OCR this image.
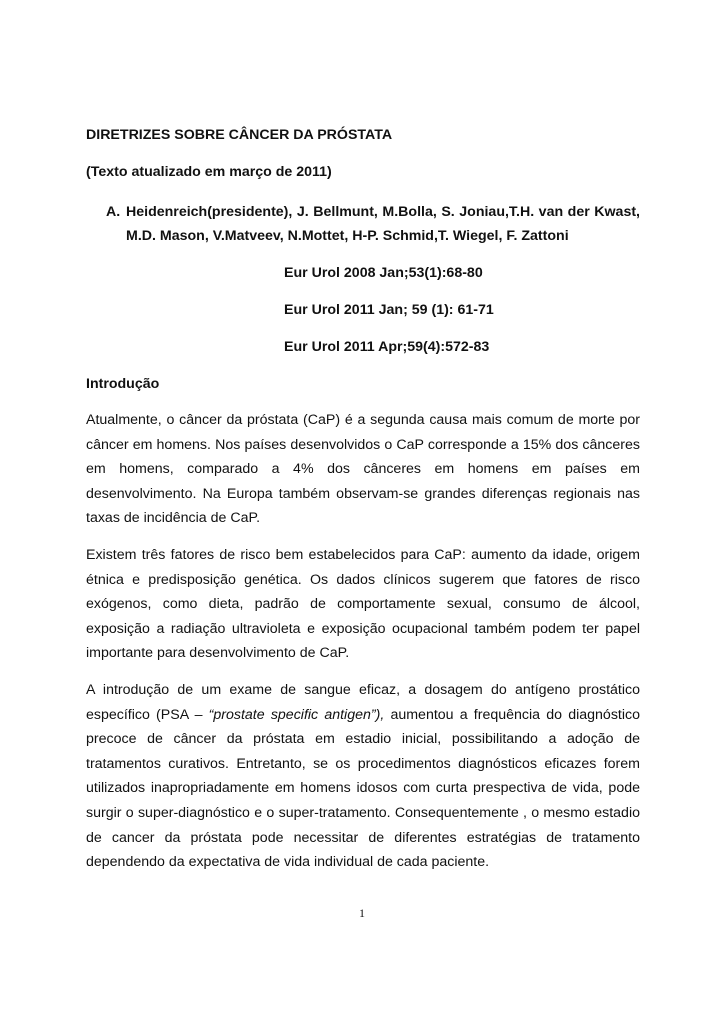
DIRETRIZES SOBRE CÂNCER DA PRÓSTATA
(Texto atualizado em março de 2011)
A. Heidenreich(presidente), J. Bellmunt, M.Bolla, S. Joniau,T.H. van der Kwast, M.D. Mason, V.Matveev, N.Mottet, H-P. Schmid,T. Wiegel, F. Zattoni
Eur Urol 2008 Jan;53(1):68-80
Eur Urol 2011 Jan; 59 (1): 61-71
Eur Urol 2011 Apr;59(4):572-83
Introdução

Atualmente, o câncer da próstata (CaP) é a segunda causa mais comum de morte por câncer em homens. Nos países desenvolvidos o CaP corresponde a 15% dos cânceres em homens, comparado a 4% dos cânceres em homens em países em desenvolvimento. Na Europa também observam-se grandes diferenças regionais nas taxas de incidência de CaP.

Existem três fatores de risco bem estabelecidos para CaP: aumento da idade, origem étnica e predisposição genética. Os dados clínicos sugerem que fatores de risco exógenos, como dieta, padrão de comportamente sexual, consumo de álcool, exposição a radiação ultravioleta e exposição ocupacional também podem ter papel importante para desenvolvimento de CaP.

A introdução de um exame de sangue eficaz, a dosagem do antígeno prostático específico (PSA – “prostate specific antigen”), aumentou a frequência do diagnóstico precoce de câncer da próstata em estadio inicial, possibilitando a adoção de tratamentos curativos. Entretanto, se os procedimentos diagnósticos eficazes forem utilizados inapropriadamente em homens idosos com curta prespectiva de vida, pode surgir o super-diagnóstico e o super-tratamento. Consequentemente , o mesmo estadio de cancer da próstata pode necessitar de diferentes estratégias de tratamento dependendo da expectativa de vida individual de cada paciente.

1
